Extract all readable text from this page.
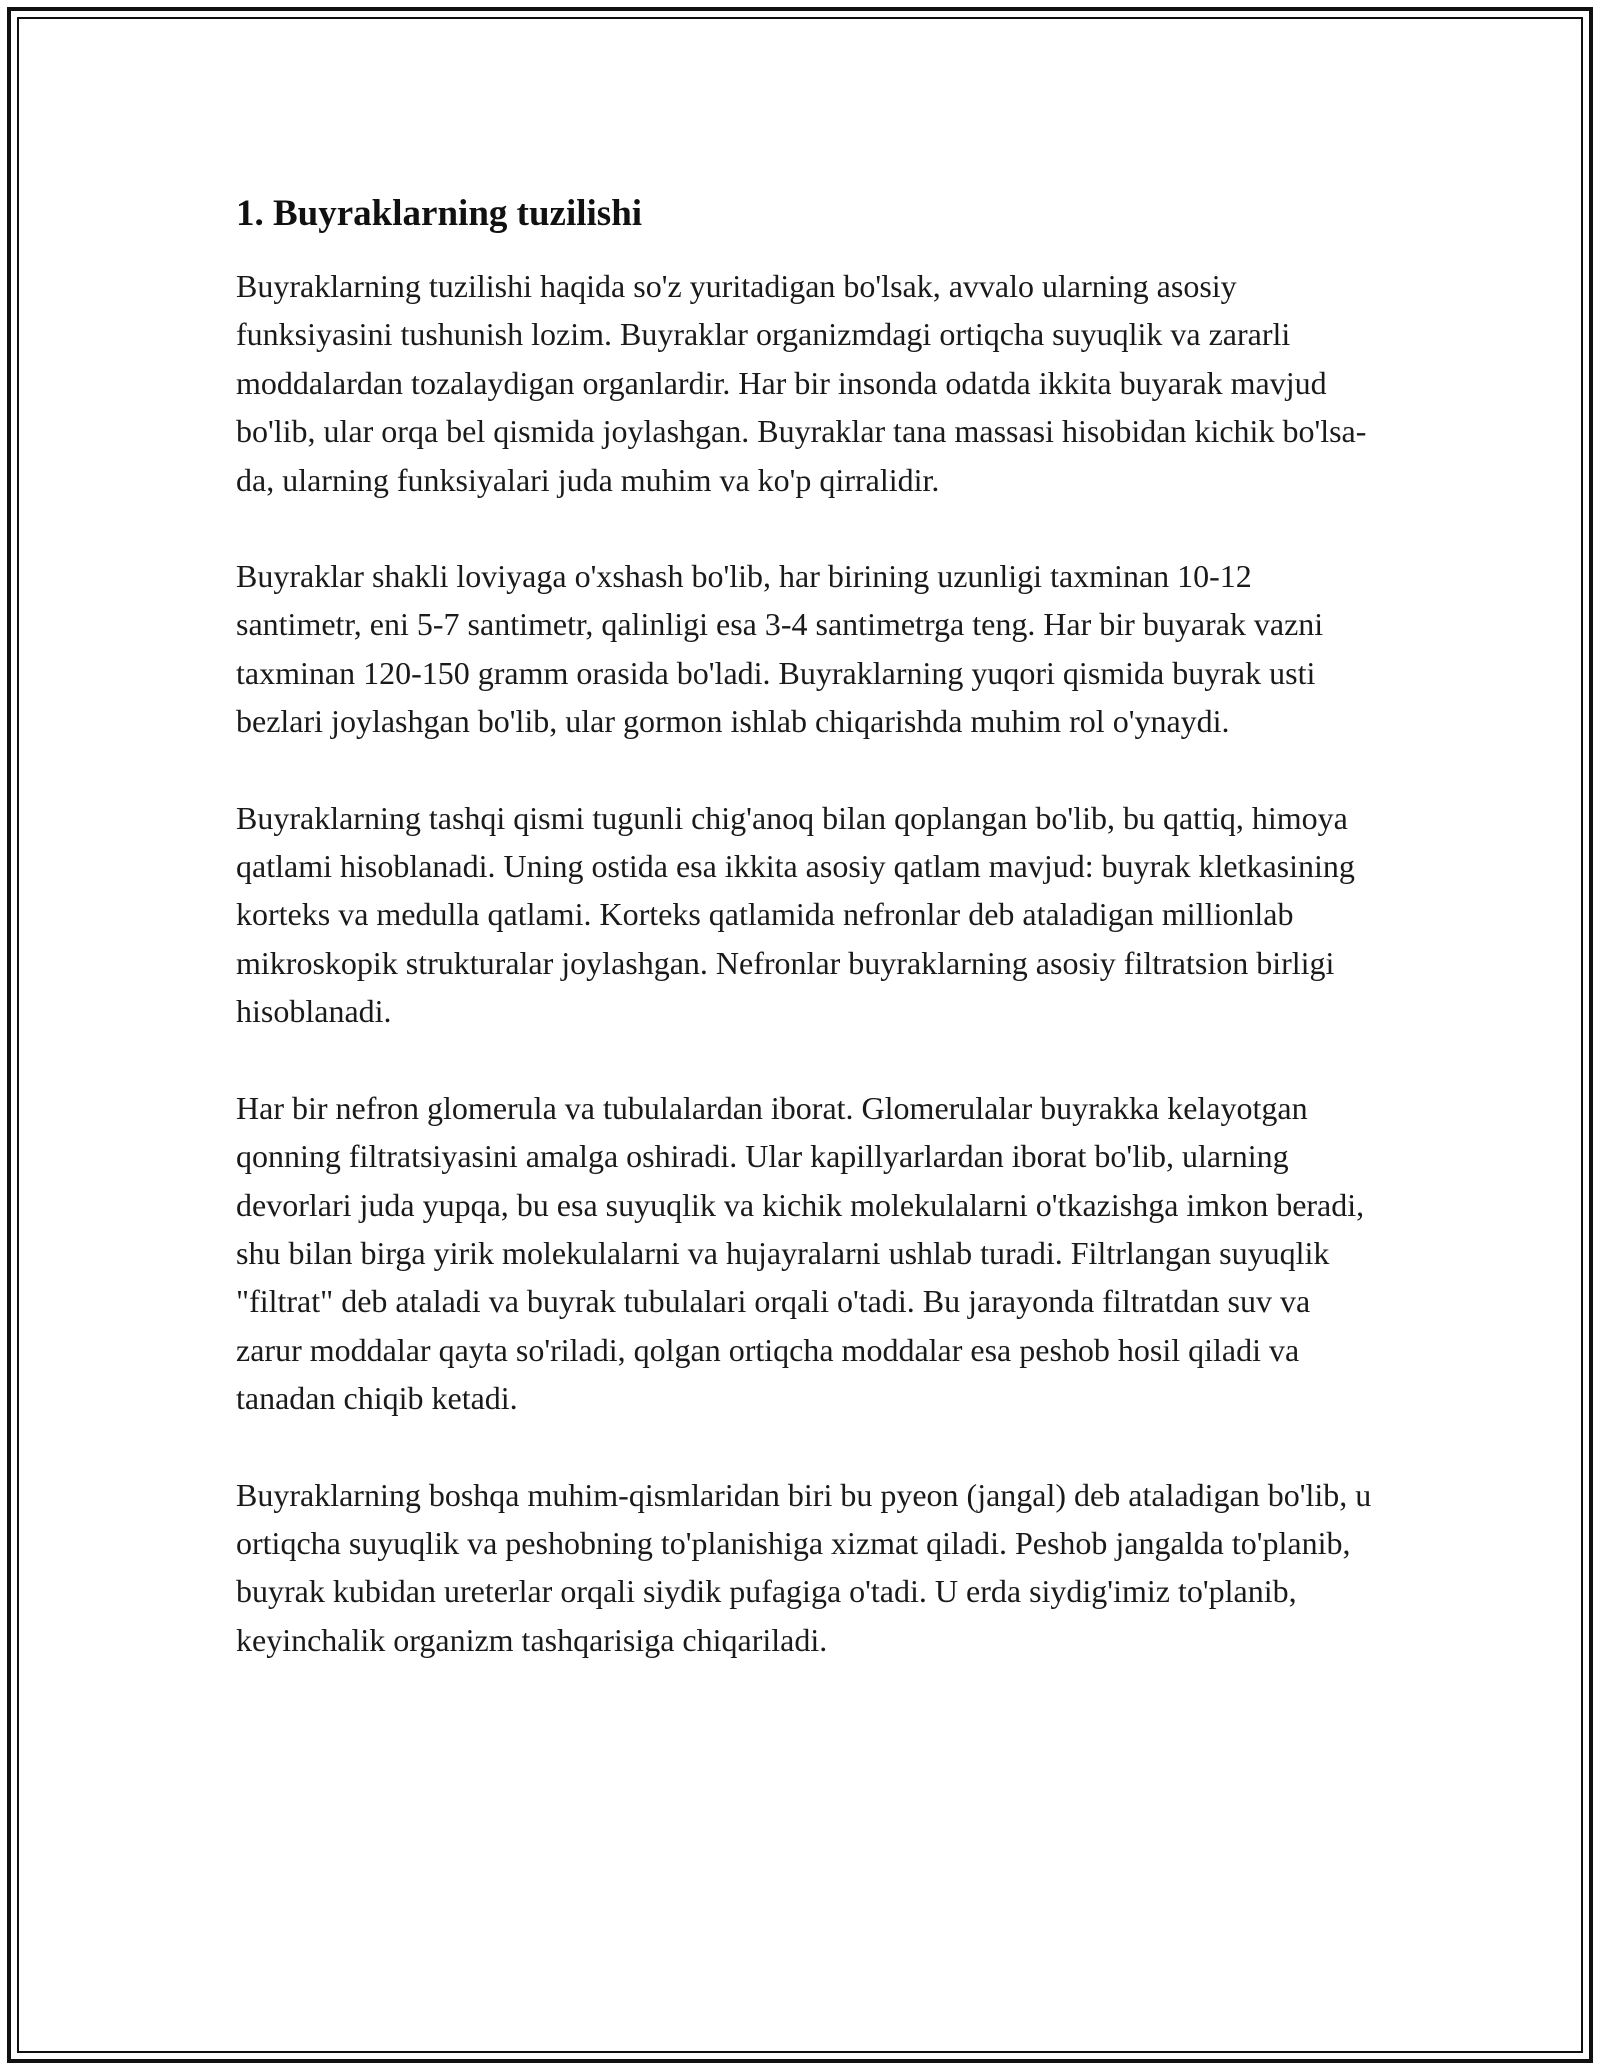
1. Buyraklarning tuzilishi

Buyraklarning tuzilishi haqida so'z yuritadigan bo'lsak, avvalo ularning asosiy funksiyasini tushunish lozim. Buyraklar organizmdagi ortiqcha suyuqlik va zararli moddalardan tozalaydigan organlardir. Har bir insonda odatda ikkita buyarak mavjud bo'lib, ular orqa bel qismida joylashgan. Buyraklar tana massasi hisobidan kichik bo'lsa-da, ularning funksiyalari juda muhim va ko'p qirralidir.

Buyraklar shakli loviyaga o'xshash bo'lib, har birining uzunligi taxminan 10-12 santimetr, eni 5-7 santimetr, qalinligi esa 3-4 santimetrga teng. Har bir buyarak vazni taxminan 120-150 gramm orasida bo'ladi. Buyraklarning yuqori qismida buyrak usti bezlari joylashgan bo'lib, ular gormon ishlab chiqarishda muhim rol o'ynaydi.

Buyraklarning tashqi qismi tugunli chig'anoq bilan qoplangan bo'lib, bu qattiq, himoya qatlami hisoblanadi. Uning ostida esa ikkita asosiy qatlam mavjud: buyrak kletkasining korteks va medulla qatlami. Korteks qatlamida nefronlar deb ataladigan millionlab mikroskopik strukturalar joylashgan. Nefronlar buyraklarning asosiy filtratsion birligi hisoblanadi.

Har bir nefron glomerula va tubulalardan iborat. Glomerulalar buyrakka kelayotgan qonning filtratsiyasini amalga oshiradi. Ular kapillyarlardan iborat bo'lib, ularning devorlari juda yupqa, bu esa suyuqlik va kichik molekulalarni o'tkazishga imkon beradi, shu bilan birga yirik molekulalarni va hujayralarni ushlab turadi. Filtrlangan suyuqlik "filtrat" deb ataladi va buyrak tubulalari orqali o'tadi. Bu jarayonda filtratdan suv va zarur moddalar qayta so'riladi, qolgan ortiqcha moddalar esa peshob hosil qiladi va tanadan chiqib ketadi.

Buyraklarning boshqa muhim-qismlaridan biri bu pyeon (jangal) deb ataladigan bo'lib, u ortiqcha suyuqlik va peshobning to'planishiga xizmat qiladi. Peshob jangalda to'planib, buyrak kubidan ureterlar orqali siydik pufagiga o'tadi. U erda siydig'imiz to'planib, keyinchalik organizm tashqarisiga chiqariladi.
